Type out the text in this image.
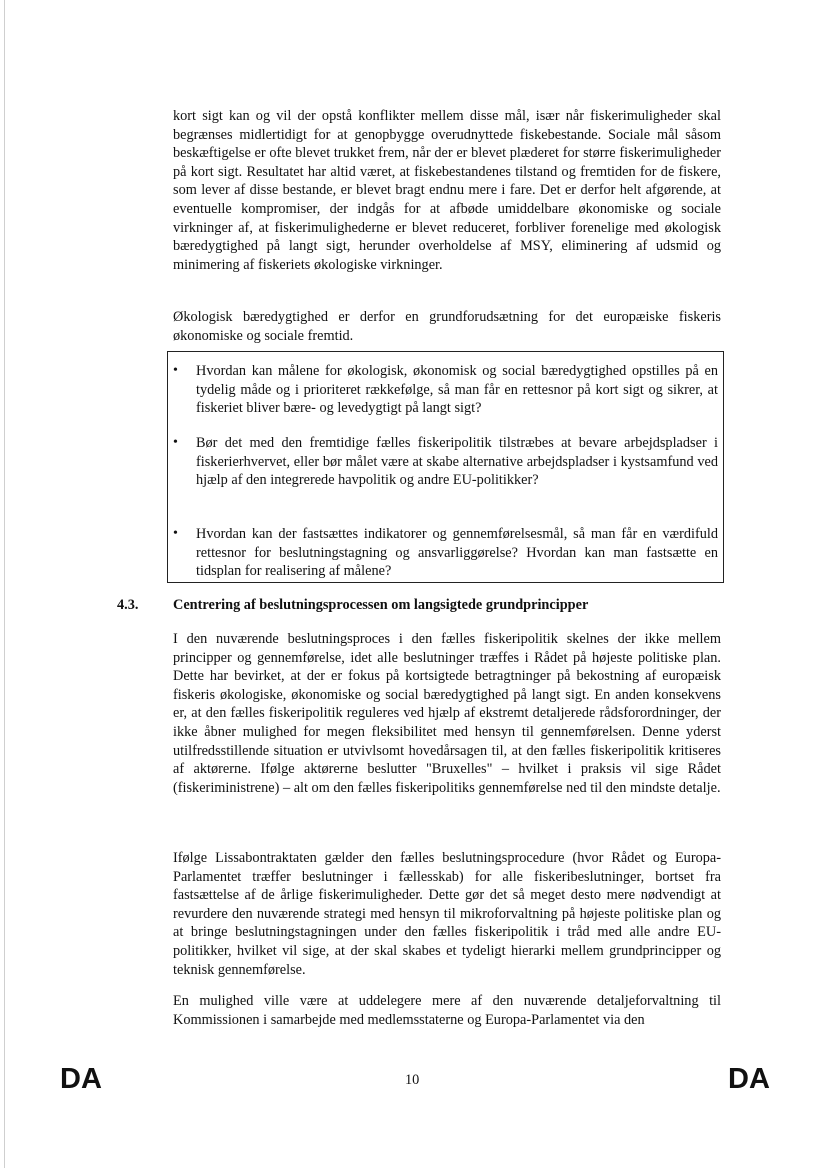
kort sigt kan og vil der opstå konflikter mellem disse mål, især når fiskerimuligheder skal begrænses midlertidigt for at genopbygge overudnyttede fiskebestande. Sociale mål såsom beskæftigelse er ofte blevet trukket frem, når der er blevet plæderet for større fiskerimuligheder på kort sigt. Resultatet har altid været, at fiskebestandenes tilstand og fremtiden for de fiskere, som lever af disse bestande, er blevet bragt endnu mere i fare. Det er derfor helt afgørende, at eventuelle kompromiser, der indgås for at afbøde umiddelbare økonomiske og sociale virkninger af, at fiskerimulighederne er blevet reduceret, forbliver forenelige med økologisk bæredygtighed på langt sigt, herunder overholdelse af MSY, eliminering af udsmid og minimering af fiskeriets økologiske virkninger.

Økologisk bæredygtighed er derfor en grundforudsætning for det europæiske fiskeris økonomiske og sociale fremtid.

• Hvordan kan målene for økologisk, økonomisk og social bæredygtighed opstilles på en tydelig måde og i prioriteret rækkefølge, så man får en rettesnor på kort sigt og sikrer, at fiskeriet bliver bære- og levedygtigt på langt sigt?
• Bør det med den fremtidige fælles fiskeripolitik tilstræbes at bevare arbejdspladser i fiskerierhvervet, eller bør målet være at skabe alternative arbejdspladser i kystsamfund ved hjælp af den integrerede havpolitik og andre EU-politikker?
• Hvordan kan der fastsættes indikatorer og gennemførelsesmål, så man får en værdifuld rettesnor for beslutningstagning og ansvarliggørelse? Hvordan kan man fastsætte en tidsplan for realisering af målene?
4.3. Centrering af beslutningsprocessen om langsigtede grundprincipper

I den nuværende beslutningsproces i den fælles fiskeripolitik skelnes der ikke mellem principper og gennemførelse, idet alle beslutninger træffes i Rådet på højeste politiske plan. Dette har bevirket, at der er fokus på kortsigtede betragtninger på bekostning af europæisk fiskeris økologiske, økonomiske og social bæredygtighed på langt sigt. En anden konsekvens er, at den fælles fiskeripolitik reguleres ved hjælp af ekstremt detaljerede rådsforordninger, der ikke åbner mulighed for megen fleksibilitet med hensyn til gennemførelsen. Denne yderst utilfredsstillende situation er utvivlsomt hovedårsagen til, at den fælles fiskeripolitik kritiseres af aktørerne. Ifølge aktørerne beslutter "Bruxelles" – hvilket i praksis vil sige Rådet (fiskeriministrene) – alt om den fælles fiskeripolitiks gennemførelse ned til den mindste detalje.

Ifølge Lissabontraktaten gælder den fælles beslutningsprocedure (hvor Rådet og Europa-Parlamentet træffer beslutninger i fællesskab) for alle fiskeribeslutninger, bortset fra fastsættelse af de årlige fiskerimuligheder. Dette gør det så meget desto mere nødvendigt at revurdere den nuværende strategi med hensyn til mikroforvaltning på højeste politiske plan og at bringe beslutningstagningen under den fælles fiskeripolitik i tråd med alle andre EU-politikker, hvilket vil sige, at der skal skabes et tydeligt hierarki mellem grundprincipper og teknisk gennemførelse.

En mulighed ville være at uddelegere mere af den nuværende detaljeforvaltning til Kommissionen i samarbejde med medlemsstaterne og Europa-Parlamentet via den

DA	10	DA
